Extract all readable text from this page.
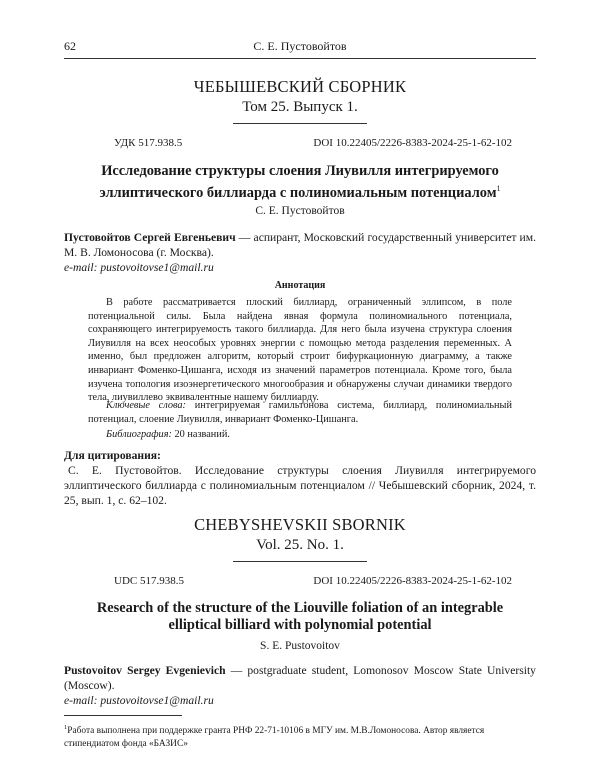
62	С. Е. Пустовойтов
ЧЕБЫШЕВСКИЙ СБОРНИК
Том 25. Выпуск 1.
УДК 517.938.5	DOI 10.22405/2226-8383-2024-25-1-62-102
Исследование структуры слоения Лиувилля интегрируемого
эллиптического биллиарда с полиномиальным потенциалом$^1$
С. Е. Пустовойтов
Пустовойтов Сергей Евгеньевич — аспирант, Московский государственный университет им. М. В. Ломоносова (г. Москва).
e-mail: pustovoitovse1@mail.ru
Аннотация
В работе рассматривается плоский биллиард, ограниченный эллипсом, в поле потенциальной силы. Была найдена явная формула полиномиального потенциала, сохраняющего интегрируемость такого биллиарда. Для него была изучена структура слоения Лиувилля на всех неособых уровнях энергии с помощью метода разделения переменных. А именно, был предложен алгоритм, который строит бифуркационную диаграмму, а также инвариант Фоменко-Цишанга, исходя из значений параметров потенциала. Кроме того, была изучена топология изоэнергетического многообразия и обнаружены случаи динамики твердого тела, лиувиллево эквивалентные нашему биллиарду.
Ключевые слова: интегрируемая гамильтонова система, биллиард, полиномиальный потенциал, слоение Лиувилля, инвариант Фоменко-Цишанга.
Библиография: 20 названий.
Для цитирования:
С. Е. Пустовойтов. Исследование структуры слоения Лиувилля интегрируемого эллиптического биллиарда с полиномиальным потенциалом // Чебышевский сборник, 2024, т. 25, вып. 1, с. 62–102.
CHEBYSHEVSKII SBORNIK
Vol. 25. No. 1.
UDC 517.938.5	DOI 10.22405/2226-8383-2024-25-1-62-102
Research of the structure of the Liouville foliation of an integrable
elliptical billiard with polynomial potential
S. E. Pustovoitov
Pustovoitov Sergey Evgenievich — postgraduate student, Lomonosov Moscow State University (Moscow).
e-mail: pustovoitovse1@mail.ru
$^1$Работа выполнена при поддержке гранта РНФ 22-71-10106 в МГУ им. М.В.Ломоносова. Автор является стипендиатом фонда «БАЗИС»
